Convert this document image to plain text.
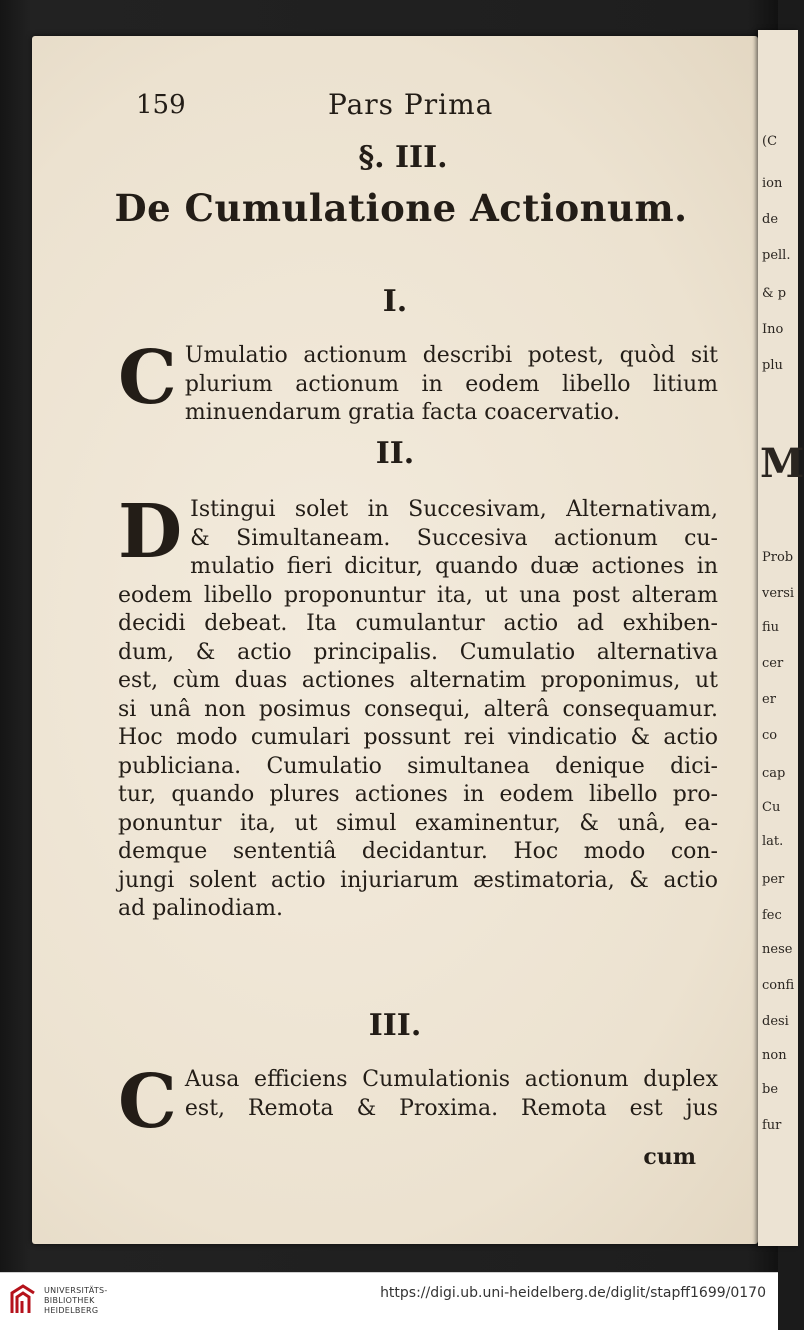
159	Pars Prima
§. III.
De Cumulatione Actionum.
I.
C Umulatio actionum describi potest, quòd sit
plurium actionum in eodem libello litium
minuendarum gratia facta coacervatio.
II.
D Istingui solet in Succesivam, Alternativam,
& Simultaneam. Succesiva actionum cu-
mulatio fieri dicitur, quando duæ actiones in
eodem libello proponuntur ita, ut una post alteram
decidi debeat. Ita cumulantur actio ad exhiben-
dum, & actio principalis. Cumulatio alternativa
est, cùm duas actiones alternatim proponimus, ut
si unâ non posimus consequi, alterâ consequamur.
Hoc modo cumulari possunt rei vindicatio & actio
publiciana. Cumulatio simultanea denique dici-
tur, quando plures actiones in eodem libello pro-
ponuntur ita, ut simul examinentur, & unâ, ea-
demque sententiâ decidantur. Hoc modo con-
jungi solent actio injuriarum æstimatoria, & actio
ad palinodiam.
III.
C Ausa efficiens Cumulationis actionum duplex
est, Remota & Proxima. Remota est jus
cum
(C
ion
de
pell.
& p
Ino
plu
M
Prob
versi
fiu
cer
er
co
cap
Cu
lat.
per
fec
nese
confi
desi
non
be
fur
UNIVERSITÄTS-
BIBLIOTHEK
HEIDELBERG
https://digi.ub.uni-heidelberg.de/diglit/stapff1699/0170
